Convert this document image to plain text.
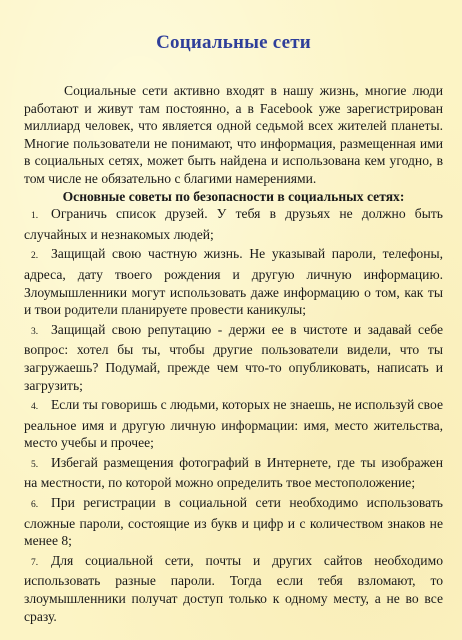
Социальные сети

Социальные сети активно входят в нашу жизнь, многие люди работают и живут там постоянно, а в Facebook уже зарегистрирован миллиард человек, что является одной седьмой всех жителей планеты. Многие пользователи не понимают, что информация, размещенная ими в социальных сетях, может быть найдена и использована кем угодно, в том числе не обязательно с благими намерениями.

Основные советы по безопасности в социальных сетях:

1. Ограничь список друзей. У тебя в друзьях не должно быть случайных и незнакомых людей;
2. Защищай свою частную жизнь. Не указывай пароли, телефоны, адреса, дату твоего рождения и другую личную информацию. Злоумышленники могут использовать даже информацию о том, как ты и твои родители планируете провести каникулы;
3. Защищай свою репутацию - держи ее в чистоте и задавай себе вопрос: хотел бы ты, чтобы другие пользователи видели, что ты загружаешь? Подумай, прежде чем что-то опубликовать, написать и загрузить;
4. Если ты говоришь с людьми, которых не знаешь, не используй свое реальное имя и другую личную информации: имя, место жительства, место учебы и прочее;
5. Избегай размещения фотографий в Интернете, где ты изображен на местности, по которой можно определить твое местоположение;
6. При регистрации в социальной сети необходимо использовать сложные пароли, состоящие из букв и цифр и с количеством знаков не менее 8;
7. Для социальной сети, почты и других сайтов необходимо использовать разные пароли. Тогда если тебя взломают, то злоумышленники получат доступ только к одному месту, а не во все сразу.
